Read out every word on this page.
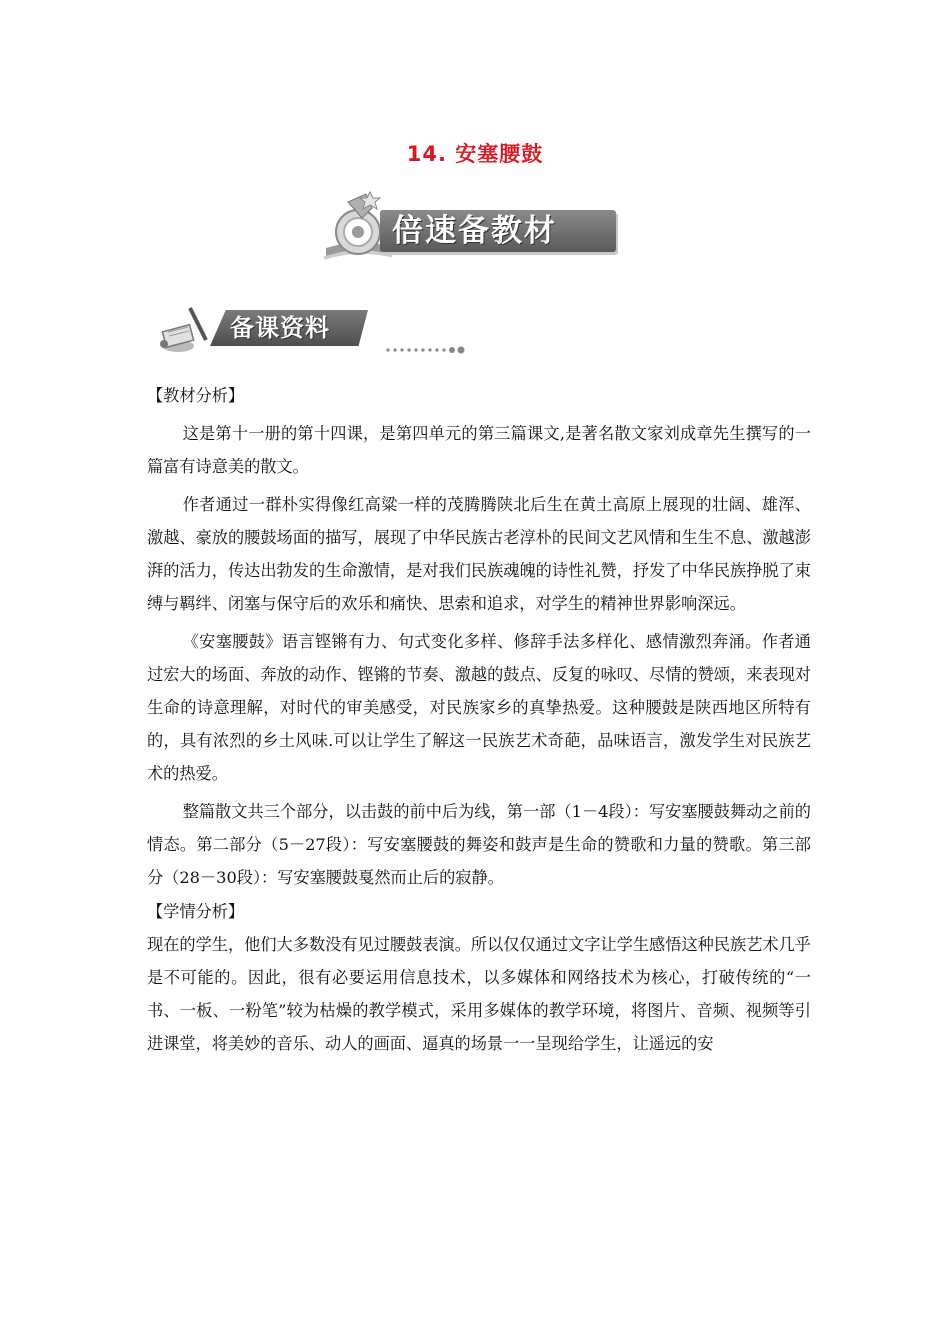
14. 安塞腰鼓
倍速备教材
备课资料

【教材分析】

这是第十一册的第十四课，是第四单元的第三篇课文,是著名散文家刘成章先生撰写的一篇富有诗意美的散文。

作者通过一群朴实得像红高粱一样的茂腾腾陕北后生在黄土高原上展现的壮阔、雄浑、激越、豪放的腰鼓场面的描写，展现了中华民族古老淳朴的民间文艺风情和生生不息、激越澎湃的活力，传达出勃发的生命激情，是对我们民族魂魄的诗性礼赞，抒发了中华民族挣脱了束缚与羁绊、闭塞与保守后的欢乐和痛快、思索和追求，对学生的精神世界影响深远。

《安塞腰鼓》语言铿锵有力、句式变化多样、修辞手法多样化、感情激烈奔涌。作者通过宏大的场面、奔放的动作、铿锵的节奏、激越的鼓点、反复的咏叹、尽情的赞颂，来表现对生命的诗意理解，对时代的审美感受，对民族家乡的真挚热爱。这种腰鼓是陕西地区所特有的，具有浓烈的乡土风味.可以让学生了解这一民族艺术奇葩，品味语言，激发学生对民族艺术的热爱。

整篇散文共三个部分，以击鼓的前中后为线，第一部（1－4段）：写安塞腰鼓舞动之前的情态。第二部分（5－27段）：写安塞腰鼓的舞姿和鼓声是生命的赞歌和力量的赞歌。第三部分（28－30段）：写安塞腰鼓戛然而止后的寂静。

【学情分析】

现在的学生，他们大多数没有见过腰鼓表演。所以仅仅通过文字让学生感悟这种民族艺术几乎是不可能的。因此，很有必要运用信息技术，以多媒体和网络技术为核心，打破传统的“一书、一板、一粉笔”较为枯燥的教学模式，采用多媒体的教学环境，将图片、音频、视频等引进课堂，将美妙的音乐、动人的画面、逼真的场景一一呈现给学生，让遥远的安
